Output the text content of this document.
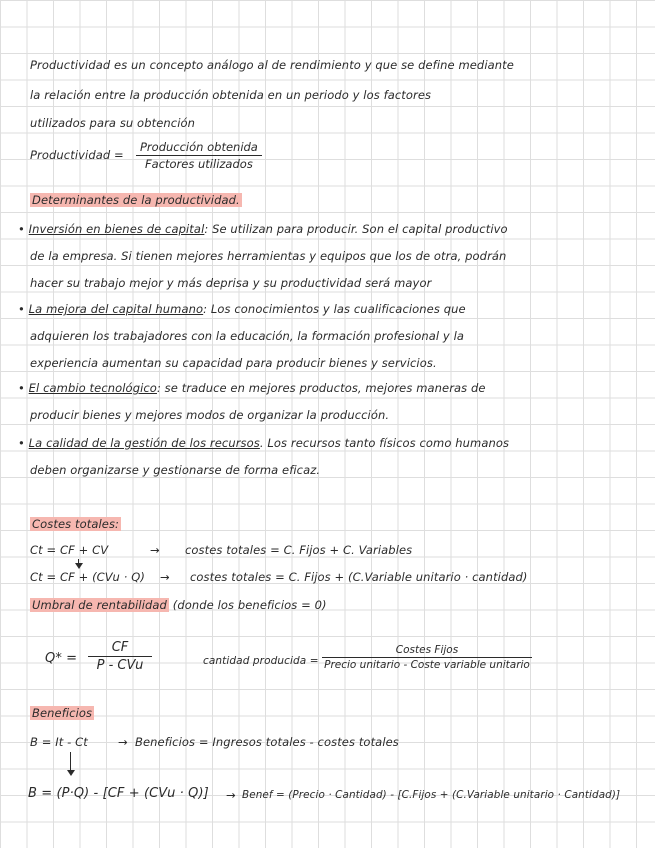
Productividad es un concepto análogo al de rendimiento y que se define mediante
la relación entre la producción obtenida en un periodo y los factores
utilizados para su obtención
Productividad =
Producción obtenida
Factores utilizados
Determinantes de la productividad.
• Inversión en bienes de capital: Se utilizan para producir. Son el capital productivo
de la empresa. Si tienen mejores herramientas y equipos que los de otra, podrán
hacer su trabajo mejor y más deprisa y su productividad será mayor
• La mejora del capital humano: Los conocimientos y las cualificaciones que
adquieren los trabajadores con la educación, la formación profesional y la
experiencia aumentan su capacidad para producir bienes y servicios.
• El cambio tecnológico: se traduce en mejores productos, mejores maneras de
producir bienes y mejores modos de organizar la producción.
• La calidad de la gestión de los recursos. Los recursos tanto físicos como humanos
deben organizarse y gestionarse de forma eficaz.
Costes totales:
Ct = CF + CV	→ costes totales = C. Fijos + C. Variables
Ct = CF + (CVu · Q) → costes totales = C. Fijos + (C.Variable unitario · cantidad)
Umbral de rentabilidad (donde los beneficios = 0)
Q* =
CF
P - CVu	cantidad producida =
Costes Fijos
Precio unitario - Coste variable unitario
Beneficios
B = It - Ct	→ Beneficios = Ingresos totales - costes totales
B = (P·Q) - [CF + (CVu · Q)] → Benef = (Precio · Cantidad) - [C.Fijos + (C.Variable unitario · Cantidad)]
